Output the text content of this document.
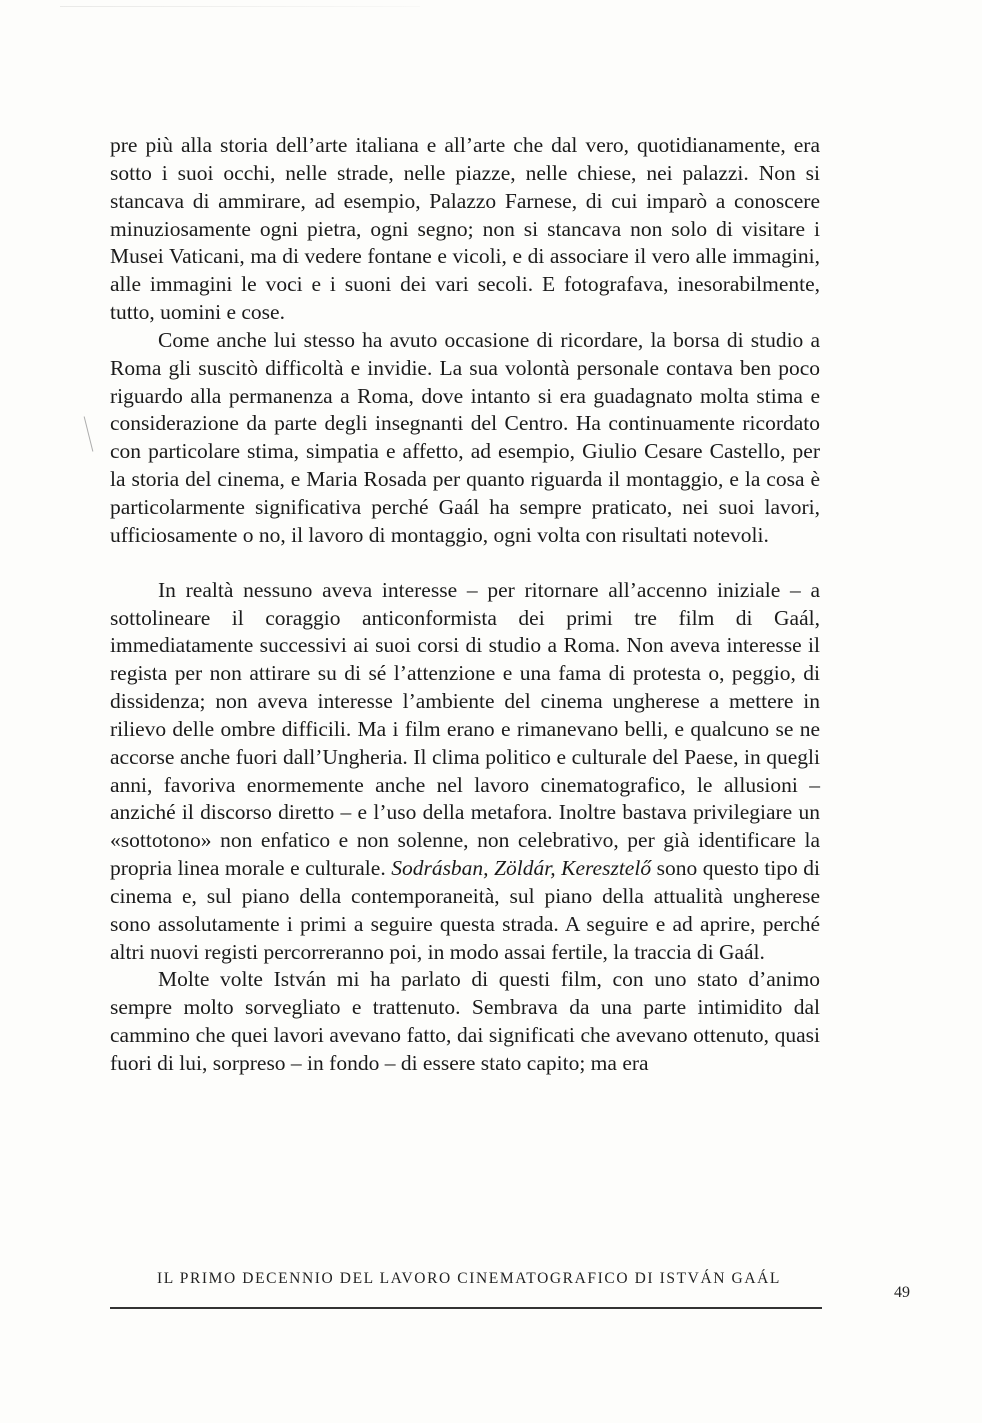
pre più alla storia dell’arte italiana e all’arte che dal vero, quotidianamente, era sotto i suoi occhi, nelle strade, nelle piazze, nelle chiese, nei palazzi. Non si stancava di ammirare, ad esempio, Palazzo Farnese, di cui imparò a conoscere minuziosamente ogni pietra, ogni segno; non si stancava non solo di visitare i Musei Vaticani, ma di vedere fontane e vicoli, e di associare il vero alle immagini, alle immagini le voci e i suoni dei vari secoli. E fotografava, inesorabilmente, tutto, uomini e cose.

Come anche lui stesso ha avuto occasione di ricordare, la borsa di studio a Roma gli suscitò difficoltà e invidie. La sua volontà personale contava ben poco riguardo alla permanenza a Roma, dove intanto si era guadagnato molta stima e considerazione da parte degli insegnanti del Centro. Ha continuamente ricordato con particolare stima, simpatia e affetto, ad esempio, Giulio Cesare Castello, per la storia del cinema, e Maria Rosada per quanto riguarda il montaggio, e la cosa è particolarmente significativa perché Gaál ha sempre praticato, nei suoi lavori, ufficiosamente o no, il lavoro di montaggio, ogni volta con risultati notevoli.

In realtà nessuno aveva interesse – per ritornare all’accenno iniziale – a sottolineare il coraggio anticonformista dei primi tre film di Gaál, immediatamente successivi ai suoi corsi di studio a Roma. Non aveva interesse il regista per non attirare su di sé l’attenzione e una fama di protesta o, peggio, di dissidenza; non aveva interesse l’ambiente del cinema ungherese a mettere in rilievo delle ombre difficili. Ma i film erano e rimanevano belli, e qualcuno se ne accorse anche fuori dall’Ungheria. Il clima politico e culturale del Paese, in quegli anni, favoriva enormemente anche nel lavoro cinematografico, le allusioni – anziché il discorso diretto – e l’uso della metafora. Inoltre bastava privilegiare un «sottotono» non enfatico e non solenne, non celebrativo, per già identificare la propria linea morale e culturale. Sodrásban, Zöldár, Keresztelő sono questo tipo di cinema e, sul piano della contemporaneità, sul piano della attualità ungherese sono assolutamente i primi a seguire questa strada. A seguire e ad aprire, perché altri nuovi registi percorreranno poi, in modo assai fertile, la traccia di Gaál.

Molte volte István mi ha parlato di questi film, con uno stato d’animo sempre molto sorvegliato e trattenuto. Sembrava da una parte intimidito dal cammino che quei lavori avevano fatto, dai significati che avevano ottenuto, quasi fuori di lui, sorpreso – in fondo – di essere stato capito; ma era

IL PRIMO DECENNIO DEL LAVORO CINEMATOGRAFICO DI ISTVÁN GAÁL
49
